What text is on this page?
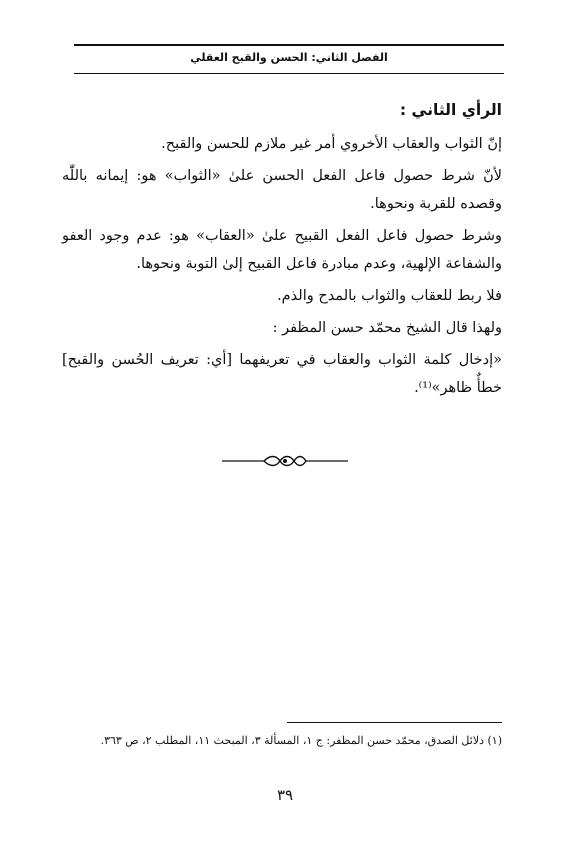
الفصل الثاني: الحسن والقبح العقلي
الرأي الثاني :

إنّ الثواب والعقاب الأخروي أمر غير ملازم للحسن والقبح.

لأنّ شرط حصول فاعل الفعل الحسن علىٰ «الثواب» هو: إيمانه باللّٰه وقصده للقربة ونحوها.

وشرط حصول فاعل الفعل القبيح علىٰ «العقاب» هو: عدم وجود العفو والشفاعة الإلهية، وعدم مبادرة فاعل القبيح إلىٰ التوبة ونحوها.

فلا ربط للعقاب والثواب بالمدح والذم.

ولهذا قال الشيخ محمّد حسن المظفر :

«إدخال كلمة الثواب والعقاب في تعريفهما [أي: تعريف الحُسن والقبح] خطأٌ ظاهر»⁽¹⁾.

(١) دلائل الصدق، محمّد حسن المظفر: ج ١، المسألة ٣، المبحث ١١، المطلب ٢، ص ٣٦٣.
٣٩
